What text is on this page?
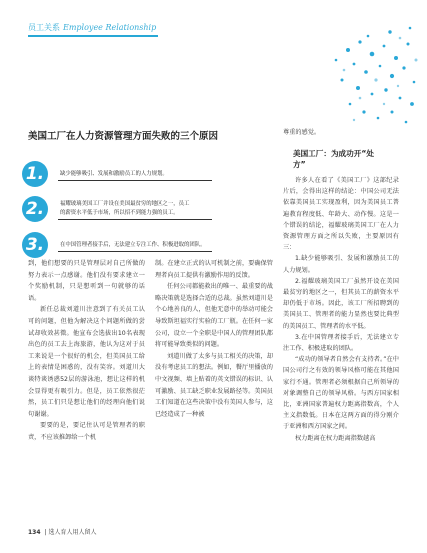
员工关系 Employee Relationship
美国工厂在人力资源管理方面失败的三个原因
1.	缺少能够吸引、发展和激励员工的人力规划。
2.	福耀玻璃美国工厂并设在美国最贫穷的地区之一，员工
的薪资水平低于市场，所以招不到能力强的员工。
3.	在中国管理者接手后，无法建立专注工作、积极进取的团队。

到，他们想要的只是管理层对自己所做的努力表示一点感谢。他们没有要求建立一个奖励机制，只是想听到一句就够的话语。

新任总裁刘道川注意到了有关员工认可的问题，但他为解决这个问题所做的尝试却收效甚微。他宣布会选拔出10名表现出色的员工去上海旅游，他认为这对于员工来说是一个很好的机会，但美国员工给上的表情是困惑的，没有笑容。刘道川大谈特谈诱惑52层的游泳池，想让这样的机会显得更有吸引力。但是，员工依然很茫然，员工们只是想让他们的经理向他们说句谢谢。

要要的是，要记住认可是管理者的职责，不应该推卸给一个机

制。在建立正式的认可机制之前，要确保管理者向员工提供有激励作用的反馈。

任何公司都能救出的唯一、最重要的战略决策就是选择合适的总裁。虽然刘道川是个心地善良的人，但他无意中的举动可能会导致斯坦福实行实验的工厂瓶。在任何一家公司，设立一个全职是中国人的管理团队都将可能导致类似的问题。

刘道川做了太多与员工相关的决策，却没有考虑员工的想法。例如，餐厅里播放的中文视频、墙上贴着的英文错误的标识、认可激励、员工缺乏职业发展路径等。美国员工们知道在这些决策中没有美国人参与，这已经造成了一种被

尊重的感觉。
美国工厂：为成功开“处
方”

许多人在看了《美国工厂》这部纪录片后，会得出这样的结论：中国公司无法依靠美国员工实现盈利，因为美国员工普遍教育程度低、年龄大、动作慢。这是一个错误的结论，福耀玻璃美国工厂在人力资源管理方面之所以失败，主要原因有三：

1.缺少能够吸引、发展和激励员工的人力规划。

2.福耀玻璃美国工厂虽然开设在美国最贫穷的地区之一，但其员工的薪资水平却仍低于市场。因此，该工厂所招聘到的美国员工、管理者的能力显然也要比典型的美国员工、管理者的水平低。

3.在中国管理者接手后，无法建立专注工作、积极进取的团队。

“成功的领导者自然会有支持者。”在中国公司行之有效的领导风格可能在其他国家行不通。管理者必须根据自己所领导的对象调整自己的领导风格。与西方国家相比，亚洲国家普遍权力距离指数高，个人主义指数低。日本在这两方面的得分刚介于亚洲和西方国家之间。

权力距离在权力距离指数越高

134 | 选人育人用人留人
